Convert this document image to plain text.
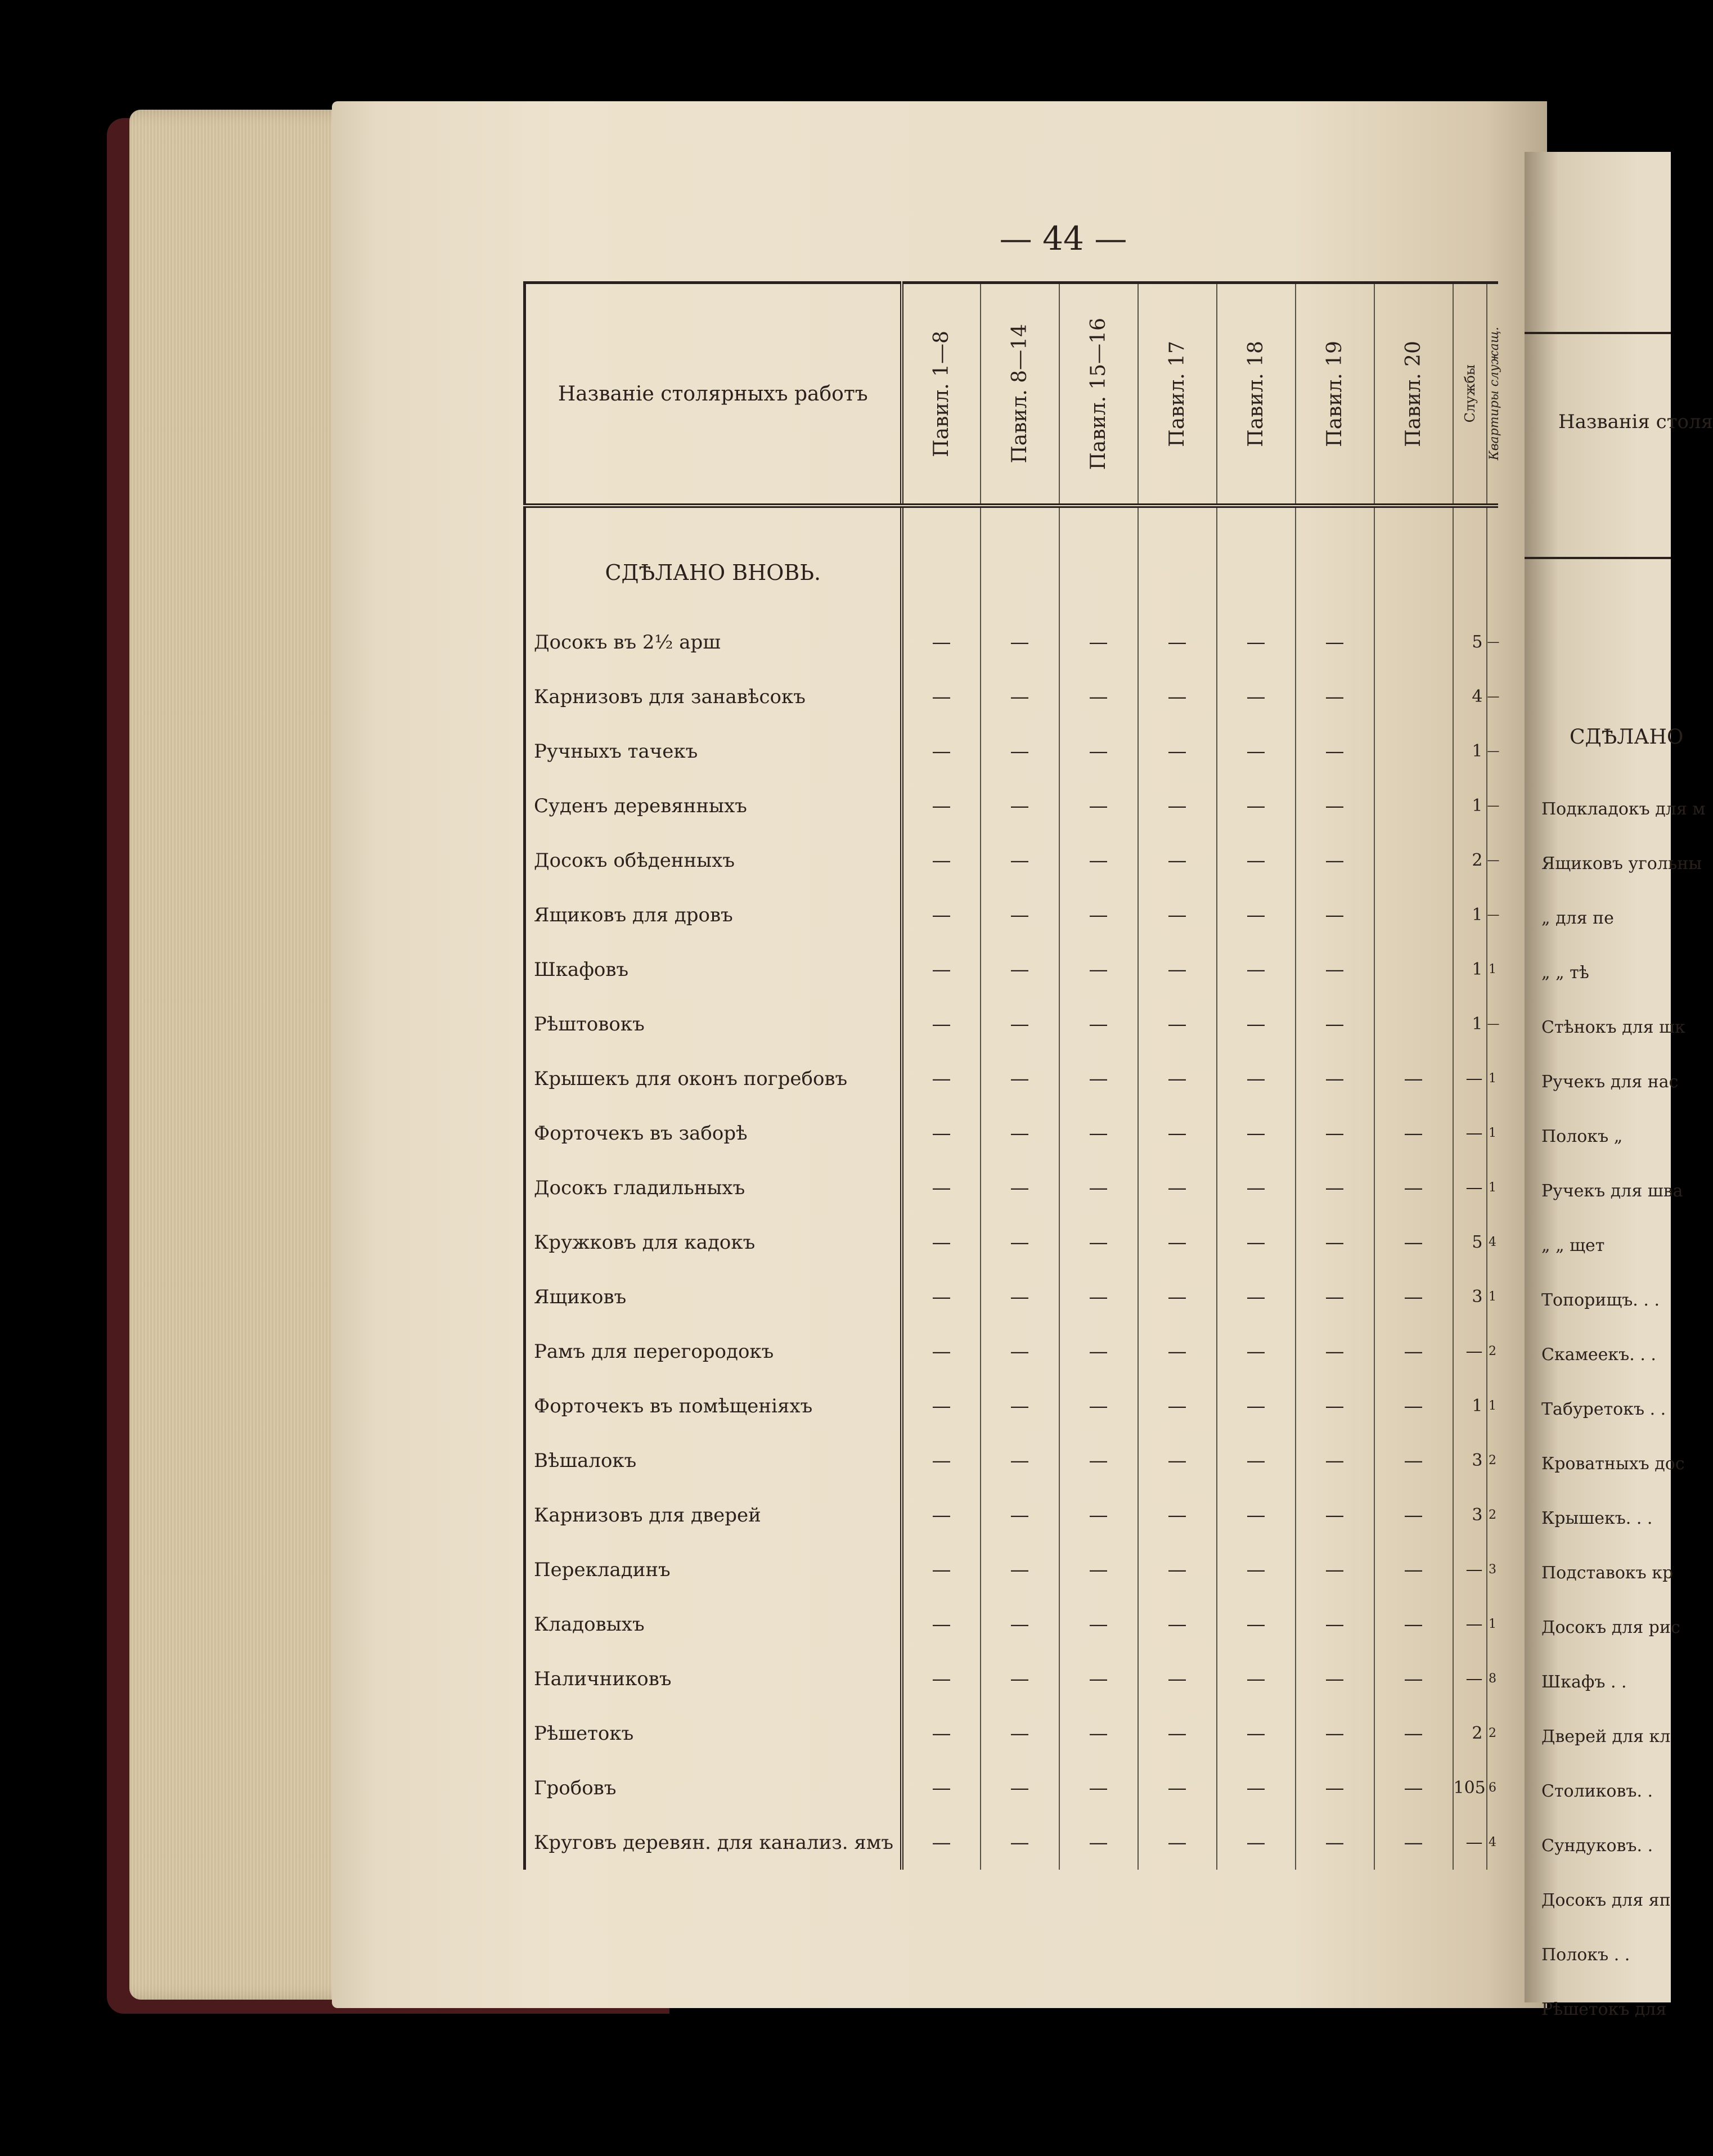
— 44 —
Названіе столярныхъ работъ	Павил. 1—8	Павил. 8—14	Павил. 15—16	Павил. 17	Павил. 18	Павил. 19	Павил. 20	Службы	Квартиры служащ.

СДѢЛАНО ВНОВЬ.									
Досокъ въ 2½ арш	—	—	—	—	—	—		5	—
Карнизовъ для занавѣсокъ	—	—	—	—	—	—		4	—
Ручныхъ тачекъ	—	—	—	—	—	—		1	—
Суденъ деревянныхъ	—	—	—	—	—	—		1	—
Досокъ обѣденныхъ	—	—	—	—	—	—		2	—
Ящиковъ для дровъ	—	—	—	—	—	—		1	—
Шкафовъ	—	—	—	—	—	—		1	1
Рѣштовокъ	—	—	—	—	—	—		1	—
Крышекъ для оконъ погребовъ	—	—	—	—	—	—	—	—	1
Форточекъ въ заборѣ	—	—	—	—	—	—	—	—	1
Досокъ гладильныхъ	—	—	—	—	—	—	—	—	1
Кружковъ для кадокъ	—	—	—	—	—	—	—	5	4
Ящиковъ	—	—	—	—	—	—	—	3	1
Рамъ для перегородокъ	—	—	—	—	—	—	—	—	2
Форточекъ въ помѣщеніяхъ	—	—	—	—	—	—	—	1	1
Вѣшалокъ	—	—	—	—	—	—	—	3	2
Карнизовъ для дверей	—	—	—	—	—	—	—	3	2
Перекладинъ	—	—	—	—	—	—	—	—	3
Кладовыхъ	—	—	—	—	—	—	—	—	1
Наличниковъ	—	—	—	—	—	—	—	—	8
Рѣшетокъ	—	—	—	—	—	—	—	2	2
Гробовъ	—	—	—	—	—	—	—	105	6
Круговъ деревян. для канализ. ямъ	—	—	—	—	—	—	—	—	4
Названія столя
СДѢЛАНО
Подкладокъ для м
Ящиковъ угольны
„ для пе
„ „ тѣ
Стѣнокъ для шк
Ручекъ для нас
Полокъ „
Ручекъ для шва
„ „ щет
Топорищъ. . .
Скамеекъ. . .
Табуретокъ . .
Кроватныхъ дос
Крышекъ. . .
Подставокъ кр
Досокъ для рис
Шкафъ . .
Дверей для кл
Столиковъ. .
Сундуковъ. .
Досокъ для яп
Полокъ . .
Рѣшетокъ для
